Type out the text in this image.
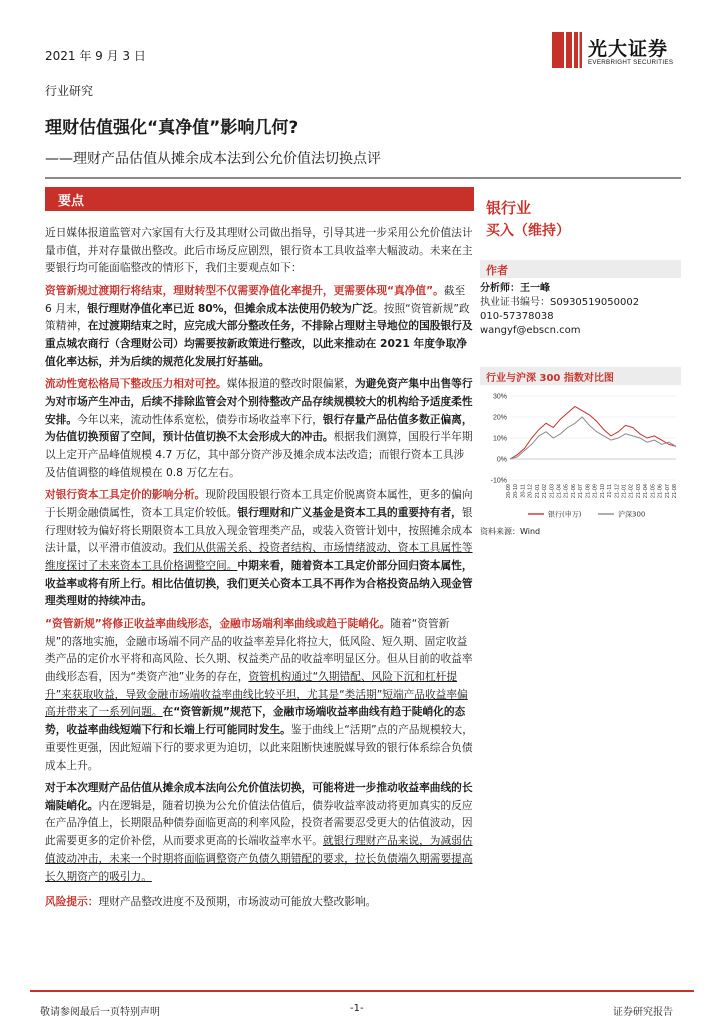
2021 年 9 月 3 日	光大证券
EVERBRIGHT SECURITIES
行业研究
理财估值强化“真净值”影响几何?
——理财产品估值从摊余成本法到公允价值法切换点评
要点

近日媒体报道监管对六家国有大行及其理财公司做出指导，引导其进一步采用公允价值法计量市值，并对存量做出整改。此后市场反应剧烈，银行资本工具收益率大幅波动。未来在主要银行均可能面临整改的情形下，我们主要观点如下：

资管新规过渡期行将结束，理财转型不仅需要净值化率提升，更需要体现“真净值”。截至 6 月末，银行理财净值化率已近 80%，但摊余成本法使用仍较为广泛。按照“资管新规”政策精神，在过渡期结束之时，应完成大部分整改任务，不排除占理财主导地位的国股银行及重点城农商行（含理财公司）均需要按新政策进行整改，以此来推动在 2021 年度争取净值化率达标，并为后续的规范化发展打好基础。

流动性宽松格局下整改压力相对可控。媒体报道的整改时限偏紧，为避免资产集中出售等行为对市场产生冲击，后续不排除监管会对个别待整改产品存续规模较大的机构给予适度柔性安排。今年以来，流动性体系宽松，债券市场收益率下行，银行存量产品估值多数正偏离，为估值切换预留了空间，预计估值切换不太会形成大的冲击。根据我们测算，国股行半年期以上定开产品峰值规模 4.7 万亿，其中部分资产涉及摊余成本法改造；而银行资本工具涉及估值调整的峰值规模在 0.8 万亿左右。

对银行资本工具定价的影响分析。现阶段国股银行资本工具定价脱离资本属性，更多的偏向于长期金融债属性，资本工具定价较低。银行理财和广义基金是资本工具的重要持有者，银行理财较为偏好将长期限资本工具放入现金管理类产品，或装入资管计划中，按照摊余成本法计量，以平滑市值波动。我们从供需关系、投资者结构、市场情绪波动、资本工具属性等维度探讨了未来资本工具价格调整空间。中期来看，随着资本工具定价部分回归资本属性，收益率或将有所上行。相比估值切换，我们更关心资本工具不再作为合格投资品纳入现金管理类理财的持续冲击。

“资管新规”将修正收益率曲线形态，金融市场端利率曲线或趋于陡峭化。随着“资管新规”的落地实施，金融市场端不同产品的收益率差异化将拉大，低风险、短久期、固定收益类产品的定价水平将和高风险、长久期、权益类产品的收益率明显区分。但从目前的收益率曲线形态看，因为“类资产池”业务的存在，资管机构通过“久期错配、风险下沉和杠杆提升”来获取收益，导致金融市场端收益率曲线比较平坦，尤其是“类活期”短端产品收益率偏高并带来了一系列问题。在“资管新规”规范下，金融市场端收益率曲线有趋于陡峭化的态势，收益率曲线短端下行和长端上行可能同时发生。鉴于曲线上“活期”点的产品规模较大，重要性更强，因此短端下行的要求更为迫切，以此来阻断快速脱媒导致的银行体系综合负债成本上升。

对于本次理财产品估值从摊余成本法向公允价值法切换，可能将进一步推动收益率曲线的长端陡峭化。内在逻辑是，随着切换为公允价值法估值后，债券收益率波动将更加真实的反应在产品净值上，长期限品种债券面临更高的利率风险，投资者需要忍受更大的估值波动，因此需要更多的定价补偿，从而要求更高的长端收益率水平。就银行理财产品来说，为减弱估值波动冲击，未来一个时期将面临调整资产负债久期错配的要求，拉长负债端久期需要提高长久期资产的吸引力。

风险提示：理财产品整改进度不及预期，市场波动可能放大整改影响。

银行业
买入（维持）
作者
分析师：王一峰
执业证书编号：S0930519050002
010-57378038
wangyf@ebscn.com
行业与沪深 300 指数对比图
30%
20%
10%
0%
-10%
20-09 20-10 20-11 20-12 21-01 21-02 21-03 21-04 21-05 21-06 21-07 21-08 21-09 21-10 21-11 21-12 21-01 21-02 21-03 21-04 21-05 21-06 21-07 21-08
银行(申万)	沪深300
资料来源：Wind
敬请参阅最后一页特别声明	-1-	证券研究报告
